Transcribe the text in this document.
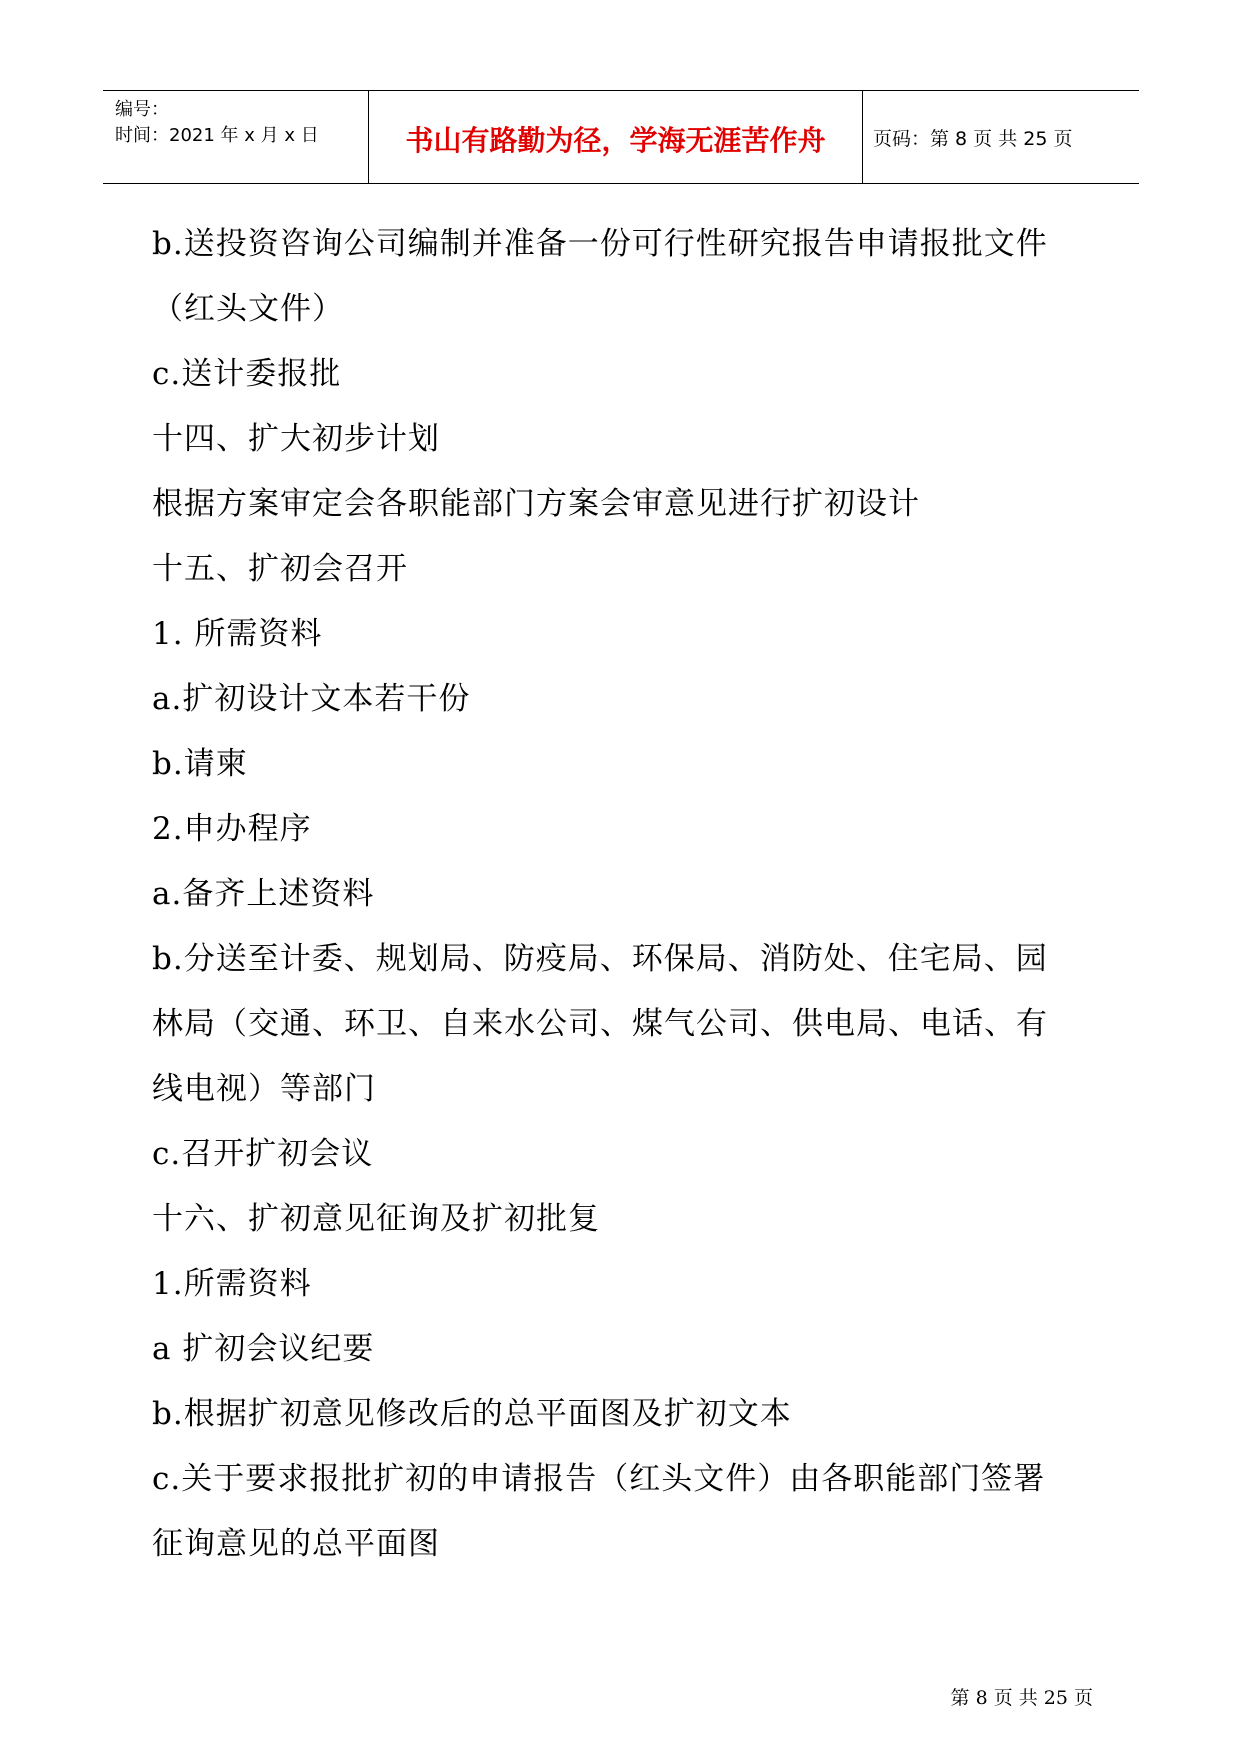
编号：
时间：2021 年 x 月 x 日	书山有路勤为径，学海无涯苦作舟	页码：第 8 页 共 25 页
b.送投资咨询公司编制并准备一份可行性研究报告申请报批文件
（红头文件）
c.送计委报批
十四、扩大初步计划
根据方案审定会各职能部门方案会审意见进行扩初设计
十五、扩初会召开
1. 所需资料
a.扩初设计文本若干份
b.请柬
2.申办程序
a.备齐上述资料
b.分送至计委、规划局、防疫局、环保局、消防处、住宅局、园
林局（交通、环卫、自来水公司、煤气公司、供电局、电话、有
线电视）等部门
c.召开扩初会议
十六、扩初意见征询及扩初批复
1.所需资料
a 扩初会议纪要
b.根据扩初意见修改后的总平面图及扩初文本
c.关于要求报批扩初的申请报告（红头文件）由各职能部门签署
征询意见的总平面图
第 8 页 共 25 页
